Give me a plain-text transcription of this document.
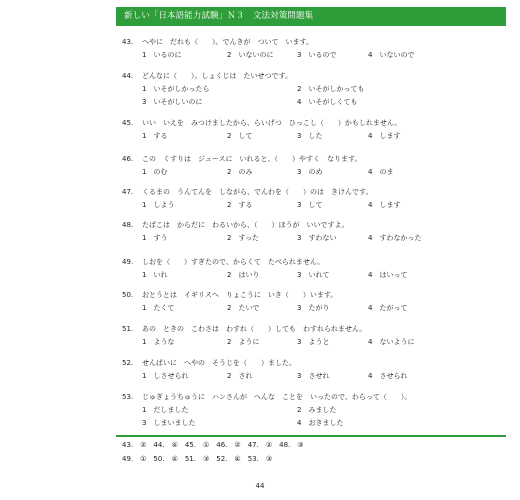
新しい「日本語能力試験」Ｎ３　文法対策問題集
43. へやに　だれも（　　）。でんきが　ついて　います。
1　いるのに	2　いないのに	3　いるので	4　いないので
44. どんなに（　　）。しょくじは　たいせつです。
1　いそがしかったら	2　いそがしかっても
3　いそがしいのに	4　いそがしくても
45. いい　いえを　みつけましたから、らいげつ　ひっこし（　　）かもしれません。
1　する	2　して	3　した	4　します
46. この　くすりは　ジュースに　いれると、（　　）やすく　なります。
1　のむ	2　のみ	3　のめ	4　のま
47. くるまの　うんてんを　しながら、でんわを（　　）のは　きけんです。
1　しよう	2　する	3　して	4　します
48. たばこは　からだに　わるいから、（　　）ほうが　いいですよ。
1　すう	2　すった	3　すわない	4　すわなかった
49. しおを（　　）すぎたので、からくて　たべられません。
1　いれ	2　はいり	3　いれて	4　はいって
50. おとうとは　イギリスへ　りょこうに　いき（　　）います。
1　たくて	2　たいで	3　たがり	4　たがって
51. あの　ときの　こわさは　わすれ（　　）しても　わすれられません。
1　ような	2　ように	3　ようと	4　ないように
52. せんぱいに　へやの　そうじを（　　）ました。
1　しさせられ	2　され	3　させれ	4　させられ
53. じゅぎょうちゅうに　ハンさんが　へんな　ことを　いったので、わらって（　　）。
1　だしました	2　みました
3　しまいました	4　おきました
43. ② 44. ④ 45. ① 46. ② 47. ② 48. ③
49. ① 50. ④ 51. ③ 52. ④ 53. ③
44
